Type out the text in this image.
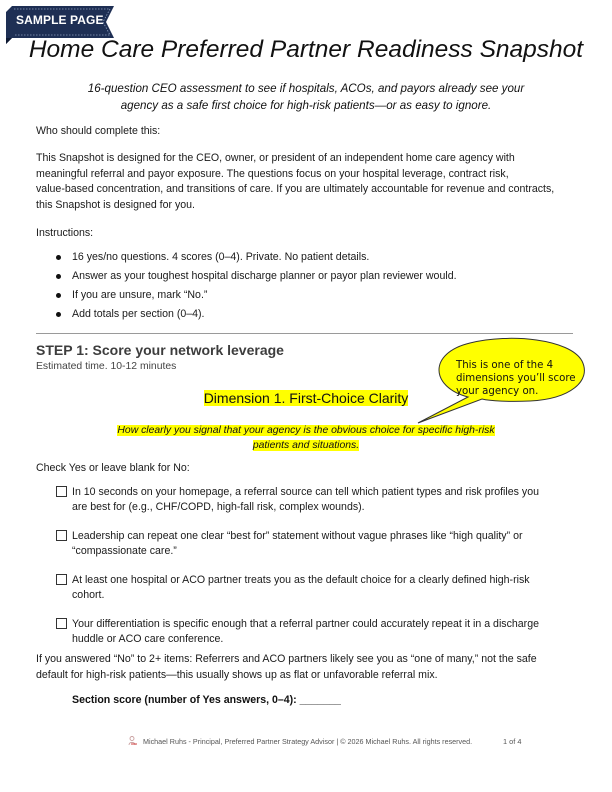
SAMPLE PAGE
Home Care Preferred Partner Readiness Snapshot
16-question CEO assessment to see if hospitals, ACOs, and payors already see your
agency as a safe first choice for high-risk patients—or as easy to ignore.
Who should complete this:
This Snapshot is designed for the CEO, owner, or president of an independent home care agency with
meaningful referral and payor exposure. The questions focus on your hospital leverage, contract risk,
value-based concentration, and transitions of care. If you are ultimately accountable for revenue and contracts,
this Snapshot is designed for you.
Instructions:
16 yes/no questions. 4 scores (0–4). Private. No patient details.
Answer as your toughest hospital discharge planner or payor plan reviewer would.
If you are unsure, mark “No.”
Add totals per section (0–4).
STEP 1: Score your network leverage
Estimated time. 10-12 minutes	This is one of the 4
dimensions you’ll score
your agency on.
Dimension 1. First-Choice Clarity
How clearly you signal that your agency is the obvious choice for specific high-risk
patients and situations.
Check Yes or leave blank for No:
In 10 seconds on your homepage, a referral source can tell which patient types and risk profiles you
are best for (e.g., CHF/COPD, high-fall risk, complex wounds).
Leadership can repeat one clear “best for” statement without vague phrases like “high quality” or
“compassionate care.”
At least one hospital or ACO partner treats you as the default choice for a clearly defined high-risk
cohort.
Your differentiation is specific enough that a referral partner could accurately repeat it in a discharge
huddle or ACO care conference.
If you answered “No” to 2+ items: Referrers and ACO partners likely see you as “one of many,” not the safe
default for high-risk patients—this usually shows up as flat or unfavorable referral mix.
Section score (number of Yes answers, 0–4): _______
Michael Ruhs - Principal, Preferred Partner Strategy Advisor | © 2026 Michael Ruhs. All rights reserved.	1 of 4
